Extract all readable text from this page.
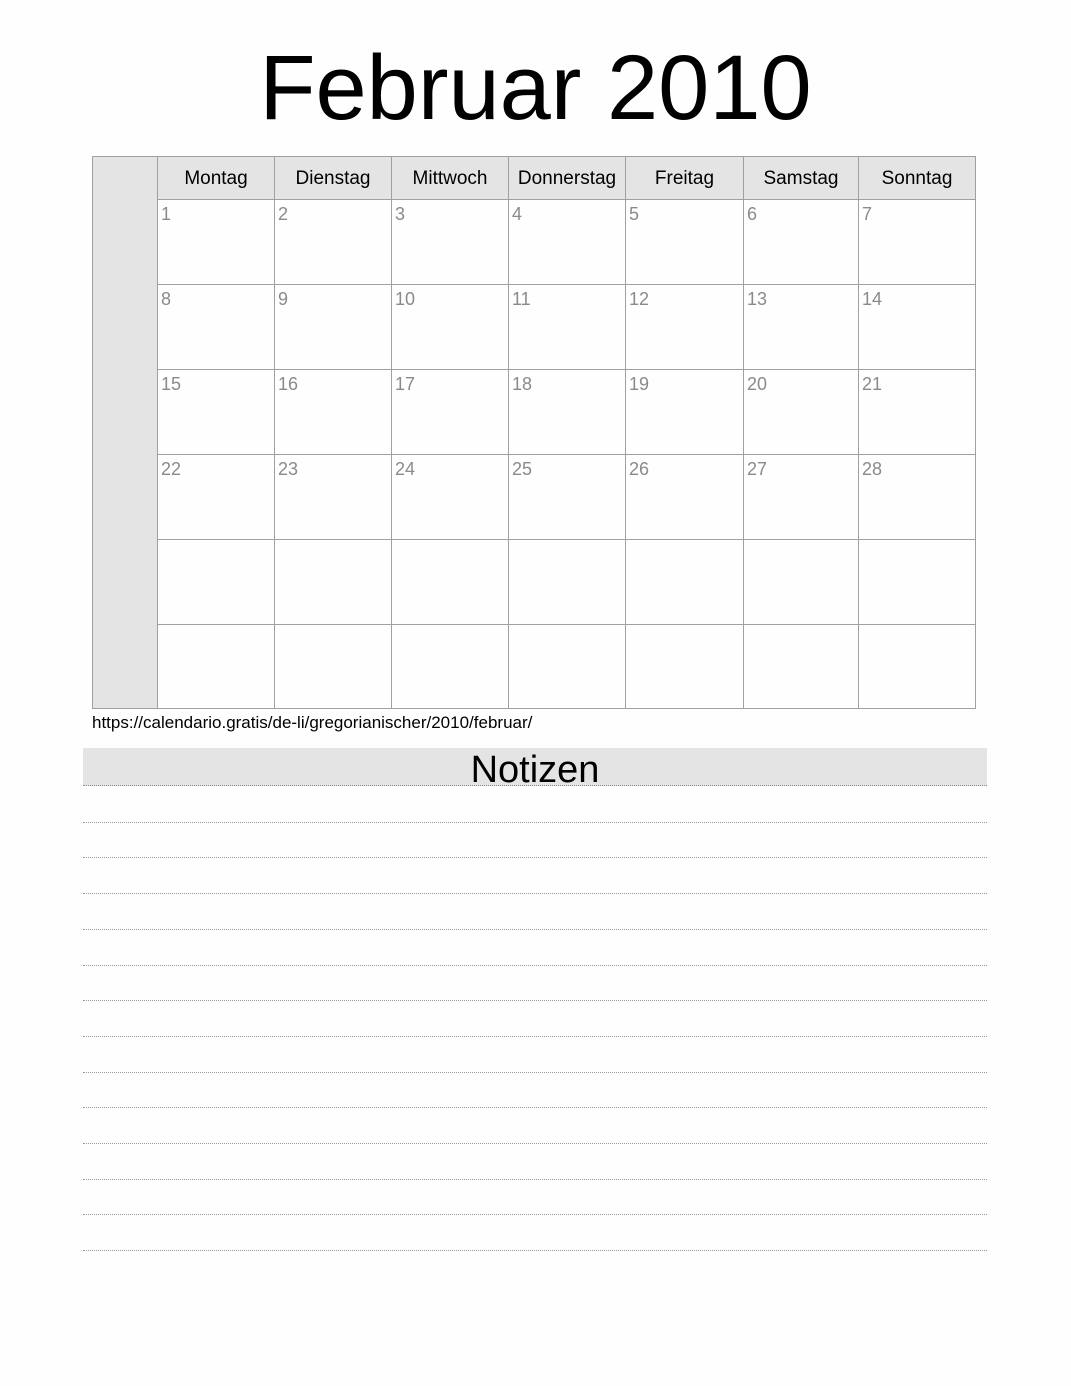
Februar 2010
Montag	Dienstag	Mittwoch	Donnerstag	Freitag	Samstag	Sonntag
1	2	3	4	5	6	7
8	9	10	11	12	13	14
15	16	17	18	19	20	21
22	23	24	25	26	27	28
https://calendario.gratis/de-li/gregorianischer/2010/februar/
Notizen
